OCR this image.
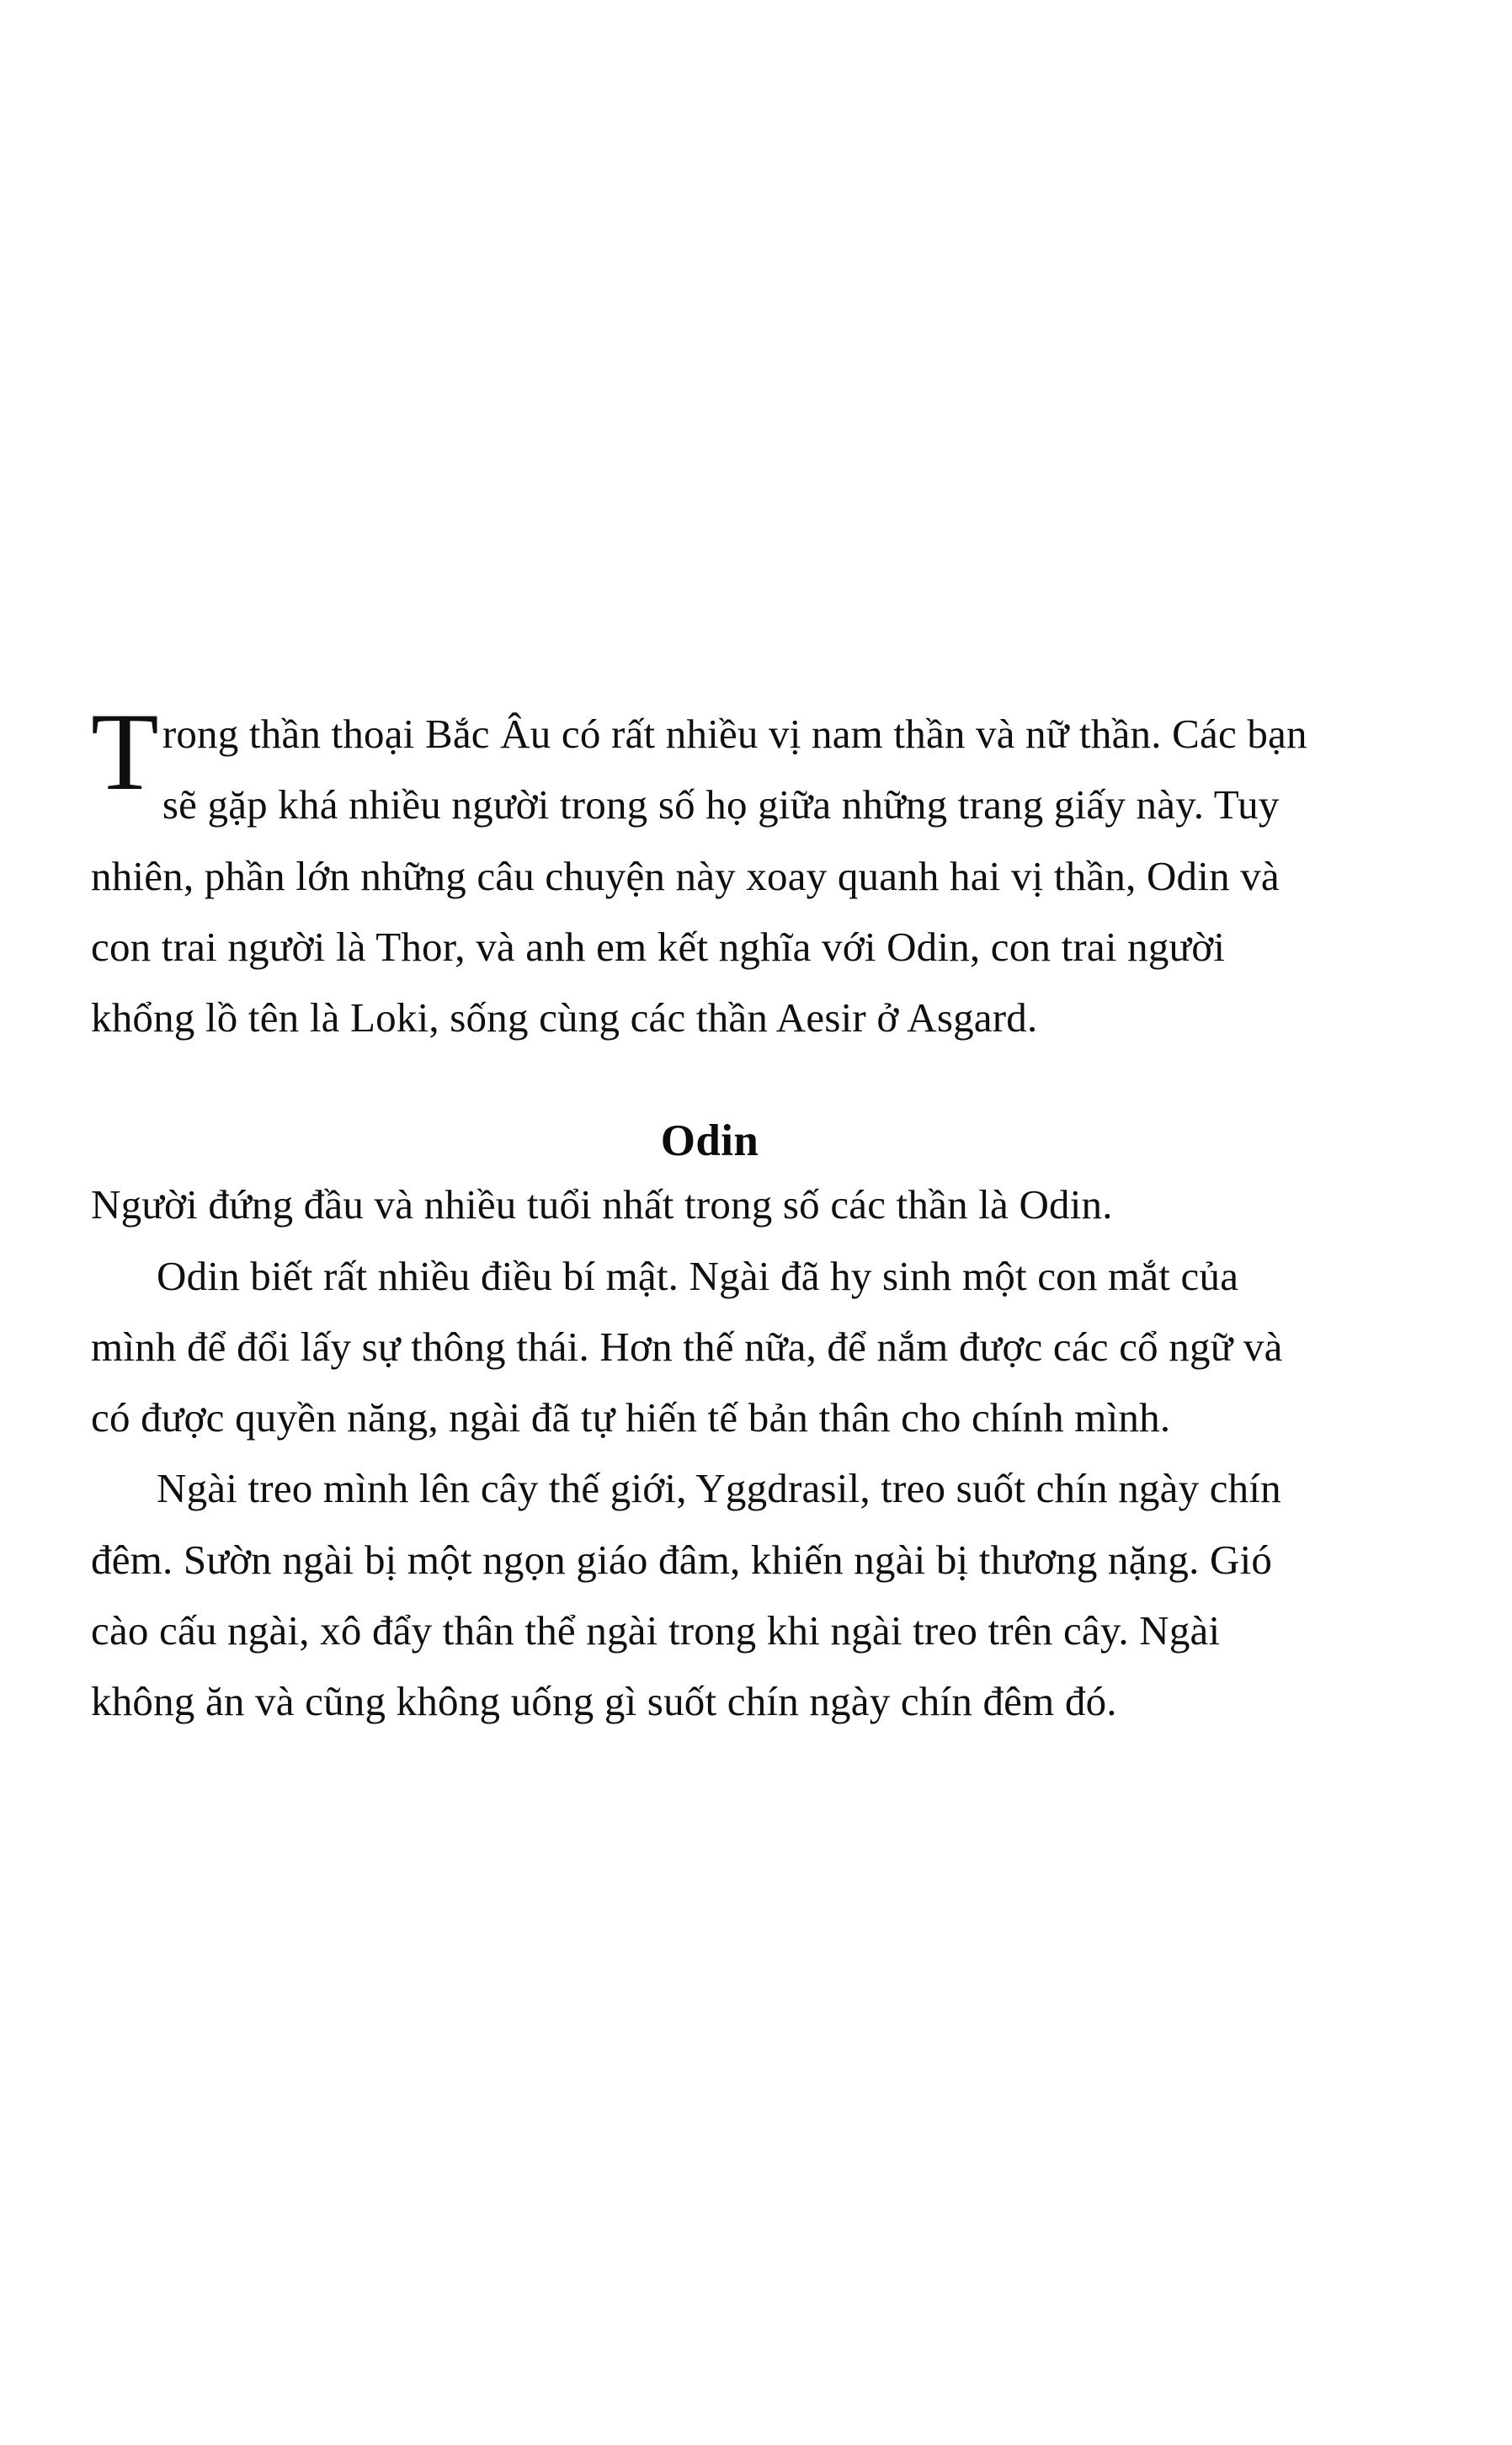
T rong thần thoại Bắc Âu có rất nhiều vị nam thần và nữ thần. Các bạn sẽ gặp khá nhiều người trong số họ giữa những trang giấy này. Tuy nhiên, phần lớn những câu chuyện này xoay quanh hai vị thần, Odin và con trai người là Thor, và anh em kết nghĩa với Odin, con trai người khổng lồ tên là Loki, sống cùng các thần Aesir ở Asgard.
Odin

Người đứng đầu và nhiều tuổi nhất trong số các thần là Odin.

Odin biết rất nhiều điều bí mật. Ngài đã hy sinh một con mắt của mình để đổi lấy sự thông thái. Hơn thế nữa, để nắm được các cổ ngữ và có được quyền năng, ngài đã tự hiến tế bản thân cho chính mình.

Ngài treo mình lên cây thế giới, Yggdrasil, treo suốt chín ngày chín đêm. Sườn ngài bị một ngọn giáo đâm, khiến ngài bị thương nặng. Gió cào cấu ngài, xô đẩy thân thể ngài trong khi ngài treo trên cây. Ngài không ăn và cũng không uống gì suốt chín ngày chín đêm đó.
